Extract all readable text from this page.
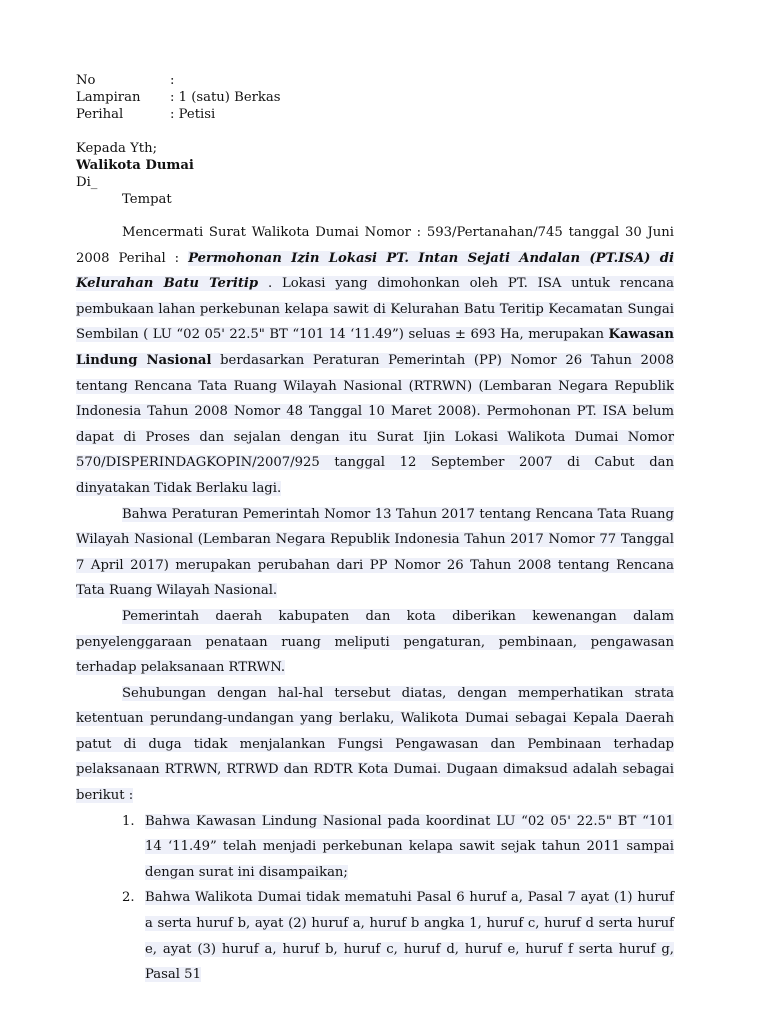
No	:
Lampiran : 1 (satu) Berkas
Perihal	: Petisi
Kepada Yth;
Walikota Dumai
Di_
Tempat

Mencermati Surat Walikota Dumai Nomor : 593/Pertanahan/745 tanggal 30 Juni 2008 Perihal : Permohonan Izin Lokasi PT. Intan Sejati Andalan (PT.ISA) di Kelurahan Batu Teritip . Lokasi yang dimohonkan oleh PT. ISA untuk rencana pembukaan lahan perkebunan kelapa sawit di Kelurahan Batu Teritip Kecamatan Sungai Sembilan ( LU “02 05' 22.5" BT “101 14 ‘11.49”) seluas ± 693 Ha, merupakan Kawasan Lindung Nasional berdasarkan Peraturan Pemerintah (PP) Nomor 26 Tahun 2008 tentang Rencana Tata Ruang Wilayah Nasional (RTRWN) (Lembaran Negara Republik Indonesia Tahun 2008 Nomor 48 Tanggal 10 Maret 2008). Permohonan PT. ISA belum dapat di Proses dan sejalan dengan itu Surat Ijin Lokasi Walikota Dumai Nomor 570/DISPERINDAGKOPIN/2007/925 tanggal 12 September 2007 di Cabut dan dinyatakan Tidak Berlaku lagi.

Bahwa Peraturan Pemerintah Nomor 13 Tahun 2017 tentang Rencana Tata Ruang Wilayah Nasional (Lembaran Negara Republik Indonesia Tahun 2017 Nomor 77 Tanggal 7 April 2017) merupakan perubahan dari PP Nomor 26 Tahun 2008 tentang Rencana Tata Ruang Wilayah Nasional.

Pemerintah daerah kabupaten dan kota diberikan kewenangan dalam penyelenggaraan penataan ruang meliputi pengaturan, pembinaan, pengawasan terhadap pelaksanaan RTRWN.

Sehubungan dengan hal-hal tersebut diatas, dengan memperhatikan strata ketentuan perundang-undangan yang berlaku, Walikota Dumai sebagai Kepala Daerah patut di duga tidak menjalankan Fungsi Pengawasan dan Pembinaan terhadap pelaksanaan RTRWN, RTRWD dan RDTR Kota Dumai. Dugaan dimaksud adalah sebagai berikut :

1. Bahwa Kawasan Lindung Nasional pada koordinat LU “02 05' 22.5" BT “101 14 ‘11.49” telah menjadi perkebunan kelapa sawit sejak tahun 2011 sampai dengan surat ini disampaikan;
2. Bahwa Walikota Dumai tidak mematuhi Pasal 6 huruf a, Pasal 7 ayat (1) huruf a serta huruf b, ayat (2) huruf a, huruf b angka 1, huruf c, huruf d serta huruf e, ayat (3) huruf a, huruf b, huruf c, huruf d, huruf e, huruf f serta huruf g, Pasal 51
